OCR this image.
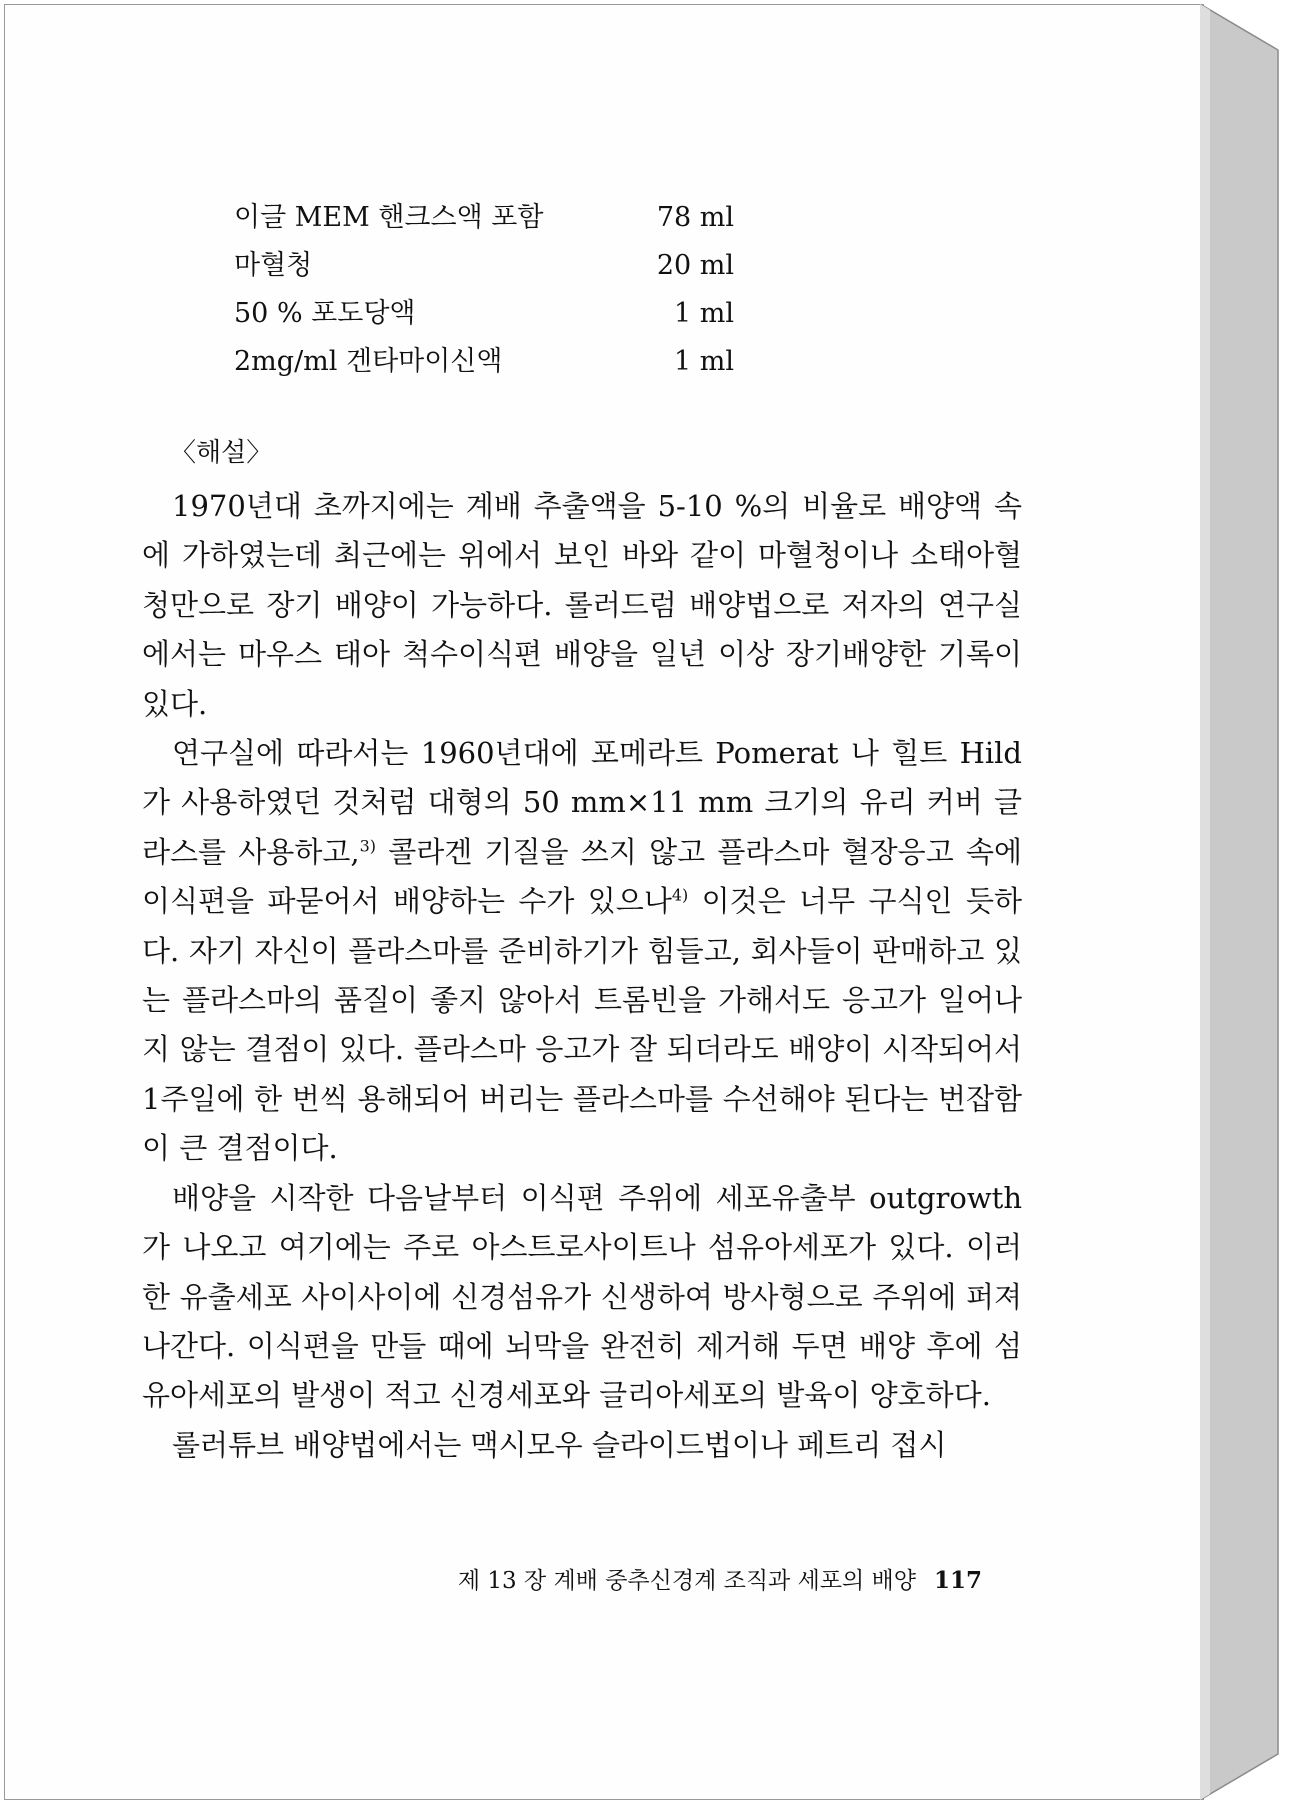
이글 MEM 핸크스액 포함	78 ml
마혈청	20 ml
50 % 포도당액	1 ml
2mg/ml 겐타마이신액	1 ml
〈해설〉

1970년대 초까지에는 계배 추출액을 5-10 %의 비율로 배양액 속에 가하였는데 최근에는 위에서 보인 바와 같이 마혈청이나 소태아혈청만으로 장기 배양이 가능하다. 롤러드럼 배양법으로 저자의 연구실에서는 마우스 태아 척수이식편 배양을 일년 이상 장기배양한 기록이 있다.

연구실에 따라서는 1960년대에 포메라트 Pomerat 나 힐트 Hild 가 사용하였던 것처럼 대형의 50 mm×11 mm 크기의 유리 커버 글라스를 사용하고,$^{3)}$ 콜라겐 기질을 쓰지 않고 플라스마 혈장응고 속에 이식편을 파묻어서 배양하는 수가 있으나$^{4)}$ 이것은 너무 구식인 듯하다. 자기 자신이 플라스마를 준비하기가 힘들고, 회사들이 판매하고 있는 플라스마의 품질이 좋지 않아서 트롬빈을 가해서도 응고가 일어나지 않는 결점이 있다. 플라스마 응고가 잘 되더라도 배양이 시작되어서 1주일에 한 번씩 용해되어 버리는 플라스마를 수선해야 된다는 번잡함이 큰 결점이다.

배양을 시작한 다음날부터 이식편 주위에 세포유출부 outgrowth 가 나오고 여기에는 주로 아스트로사이트나 섬유아세포가 있다. 이러한 유출세포 사이사이에 신경섬유가 신생하여 방사형으로 주위에 퍼져나간다. 이식편을 만들 때에 뇌막을 완전히 제거해 두면 배양 후에 섬유아세포의 발생이 적고 신경세포와 글리아세포의 발육이 양호하다.

롤러튜브 배양법에서는 맥시모우 슬라이드법이나 페트리 접시

제 13 장 계배 중추신경계 조직과 세포의 배양 117
